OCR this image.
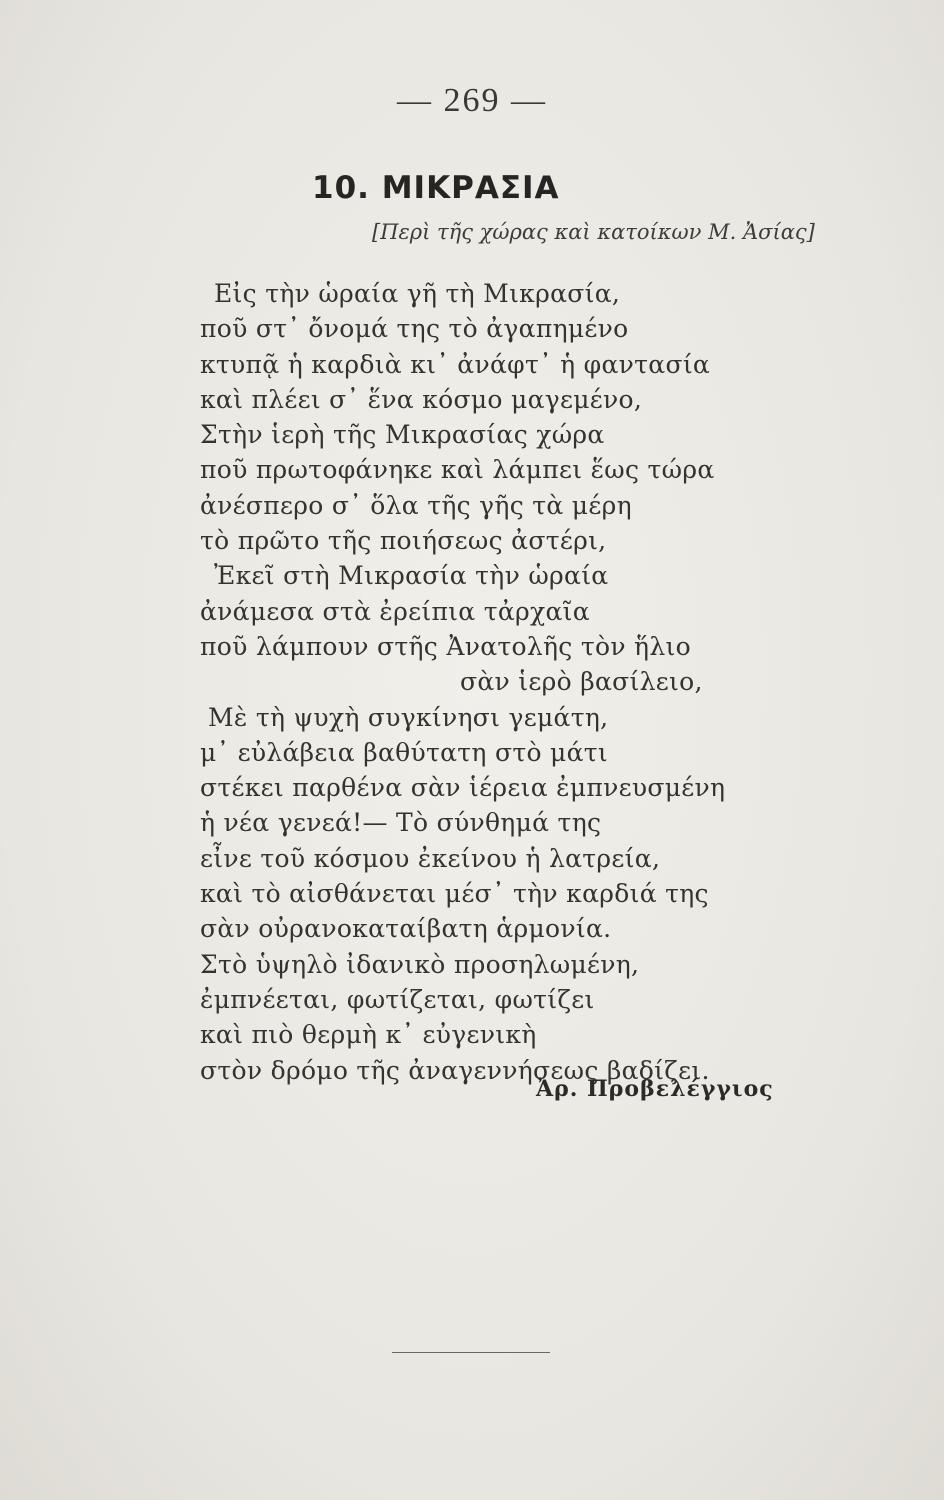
— 269 —
10. ΜΙΚΡΑΣΙΑ
[Περὶ τῆς χώρας καὶ κατοίκων Μ. Ἀσίας]
Εἰς τὴν ὡραία γῆ τὴ Μικρασία,
ποῦ στ᾽ ὄνομά της τὸ ἀγαπημένο
κτυπᾷ ἡ καρδιὰ κι᾽ ἀνάφτ᾽ ἡ φαντασία
καὶ πλέει σ᾽ ἕνα κόσμο μαγεμένο,
Στὴν ἱερὴ τῆς Μικρασίας χώρα
ποῦ πρωτοφάνηκε καὶ λάμπει ἕως τώρα
ἀνέσπερο σ᾽ ὅλα τῆς γῆς τὰ μέρη
τὸ πρῶτο τῆς ποιήσεως ἀστέρι,
Ἐκεῖ στὴ Μικρασία τὴν ὡραία
ἀνάμεσα στὰ ἐρείπια τἀρχαῖα
ποῦ λάμπουν στῆς Ἀνατολῆς τὸν ἥλιο
σὰν ἱερὸ βασίλειο,
Μὲ τὴ ψυχὴ συγκίνησι γεμάτη,
μ᾽ εὐλάβεια βαθύτατη στὸ μάτι
στέκει παρθένα σὰν ἱέρεια ἐμπνευσμένη
ἡ νέα γενεά!— Τὸ σύνθημά της
εἶνε τοῦ κόσμου ἐκείνου ἡ λατρεία,
καὶ τὸ αἰσθάνεται μέσ᾽ τὴν καρδιά της
σὰν οὐρανοκαταίβατη ἁρμονία.
Στὸ ὑψηλὸ ἰδανικὸ προσηλωμένη,
ἐμπνέεται, φωτίζεται, φωτίζει
καὶ πιὸ θερμὴ κ᾽ εὐγενικὴ
στὸν δρόμο τῆς ἀναγεννήσεως βαδίζει.
Ἀρ. Προβελέγγιος
